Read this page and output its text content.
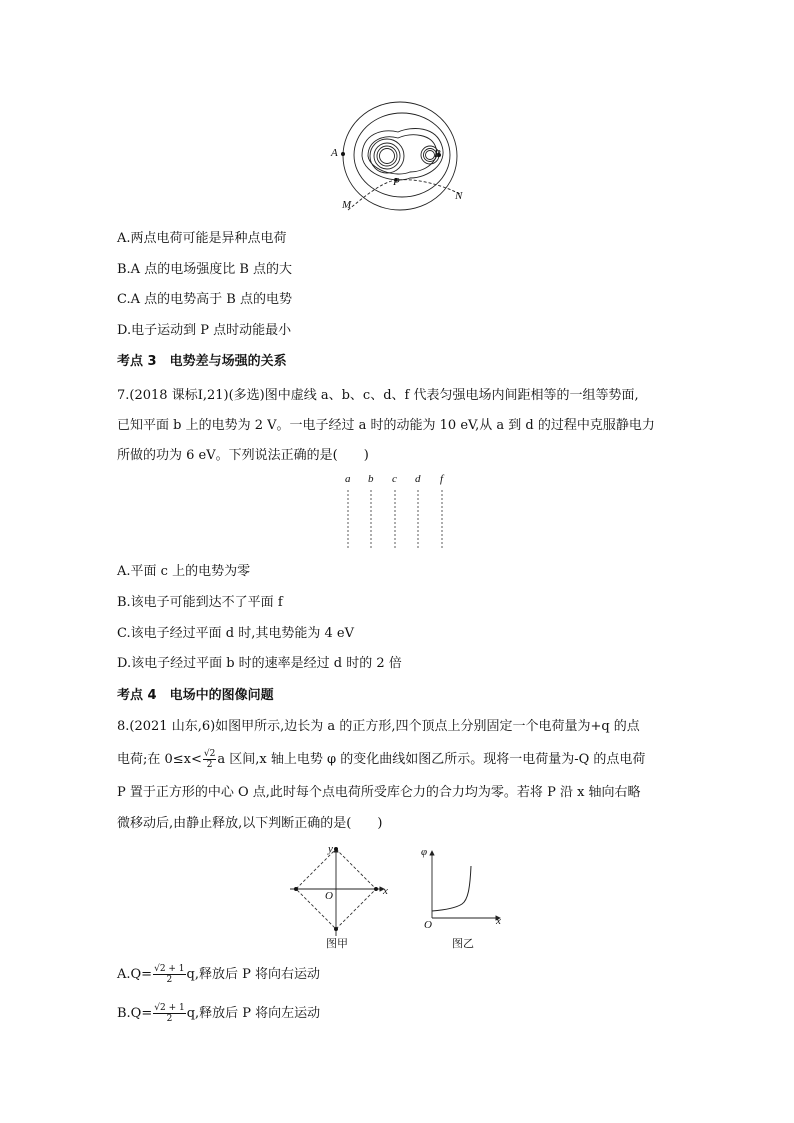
A	B
P
M
N
A.两点电荷可能是异种点电荷
B.A 点的电场强度比 B 点的大
C.A 点的电势高于 B 点的电势
D.电子运动到 P 点时动能最小
考点 3　电势差与场强的关系
7.(2018 课标Ⅰ,21)(多选)图中虚线 a、b、c、d、f 代表匀强电场内间距相等的一组等势面,
已知平面 b 上的电势为 2 V。一电子经过 a 时的动能为 10 eV,从 a 到 d 的过程中克服静电力
所做的功为 6 eV。下列说法正确的是(　　)
a b c d f
A.平面 c 上的电势为零
B.该电子可能到达不了平面 f
C.该电子经过平面 d 时,其电势能为 4 eV
D.该电子经过平面 b 时的速率是经过 d 时的 2 倍
考点 4　电场中的图像问题
8.(2021 山东,6)如图甲所示,边长为 a 的正方形,四个顶点上分别固定一个电荷量为+q 的点
电荷;在 $0\le x< \frac{√2}{2}$ a 区间,x 轴上电势 φ 的变化曲线如图乙所示。现将一电荷量为-Q 的点电荷
P 置于正方形的中心 O 点,此时每个点电荷所受库仑力的合力均为零。若将 P 沿 x 轴向右略
微移动后,由静止释放,以下判断正确的是(　　)
y
x
O
图甲
φ
x
O
图乙
$A.Q= \frac{√2 + 1}{2} q$,释放后 P 将向右运动
$B.Q= \frac{√2 + 1}{2} q$,释放后 P 将向左运动
